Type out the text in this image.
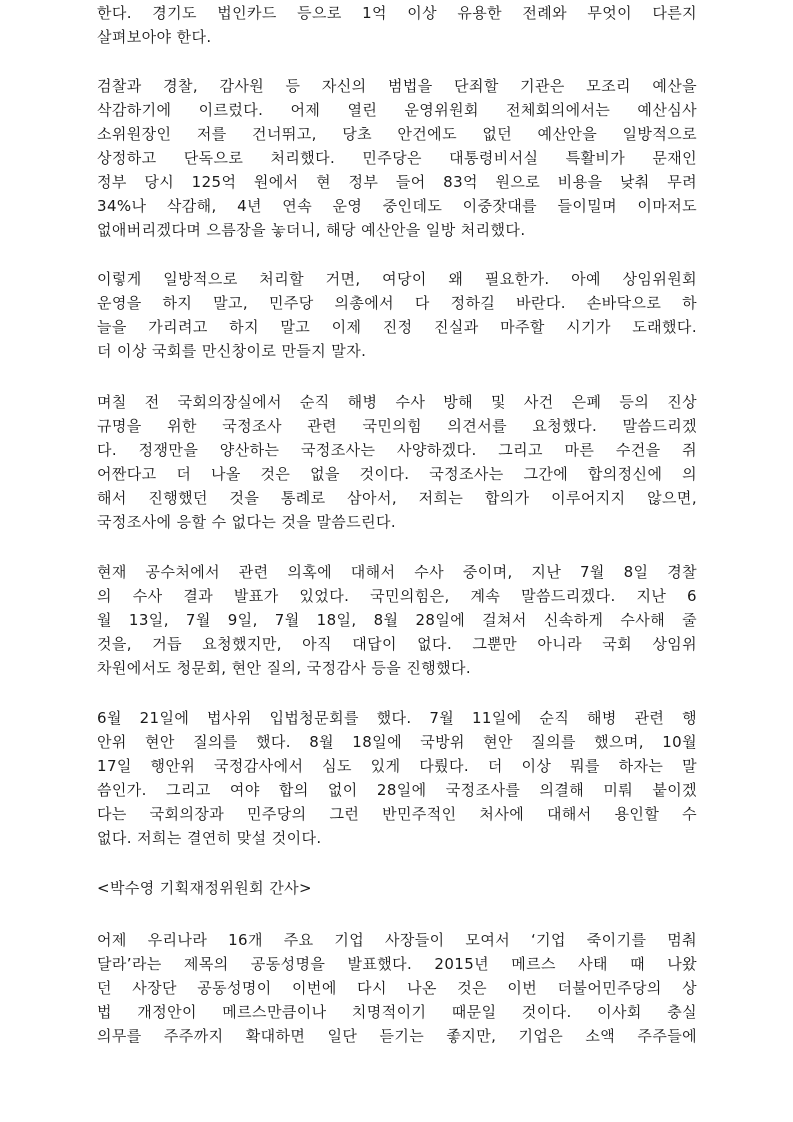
한다. 경기도 법인카드 등으로 1억 이상 유용한 전례와 무엇이 다른지
살펴보아야 한다.
검찰과 경찰, 감사원 등 자신의 범법을 단죄할 기관은 모조리 예산을
삭감하기에 이르렀다. 어제 열린 운영위원회 전체회의에서는 예산심사
소위원장인 저를 건너뛰고, 당초 안건에도 없던 예산안을 일방적으로
상정하고 단독으로 처리했다. 민주당은 대통령비서실 특활비가 문재인
정부 당시 125억 원에서 현 정부 들어 83억 원으로 비용을 낮춰 무려
34%나 삭감해, 4년 연속 운영 중인데도 이중잣대를 들이밀며 이마저도
없애버리겠다며 으름장을 놓더니, 해당 예산안을 일방 처리했다.
이렇게 일방적으로 처리할 거면, 여당이 왜 필요한가. 아예 상임위원회
운영을 하지 말고, 민주당 의총에서 다 정하길 바란다. 손바닥으로 하
늘을 가리려고 하지 말고 이제 진정 진실과 마주할 시기가 도래했다.
더 이상 국회를 만신창이로 만들지 말자.
며칠 전 국회의장실에서 순직 해병 수사 방해 및 사건 은폐 등의 진상
규명을 위한 국정조사 관련 국민의힘 의견서를 요청했다. 말씀드리겠
다. 정쟁만을 양산하는 국정조사는 사양하겠다. 그리고 마른 수건을 쥐
어짠다고 더 나올 것은 없을 것이다. 국정조사는 그간에 합의정신에 의
해서 진행했던 것을 통례로 삼아서, 저희는 합의가 이루어지지 않으면,
국정조사에 응할 수 없다는 것을 말씀드린다.
현재 공수처에서 관련 의혹에 대해서 수사 중이며, 지난 7월 8일 경찰
의 수사 결과 발표가 있었다. 국민의힘은, 계속 말씀드리겠다. 지난 6
월 13일, 7월 9일, 7월 18일, 8월 28일에 걸쳐서 신속하게 수사해 줄
것을, 거듭 요청했지만, 아직 대답이 없다. 그뿐만 아니라 국회 상임위
차원에서도 청문회, 현안 질의, 국정감사 등을 진행했다.
6월 21일에 법사위 입법청문회를 했다. 7월 11일에 순직 해병 관련 행
안위 현안 질의를 했다. 8월 18일에 국방위 현안 질의를 했으며, 10월
17일 행안위 국정감사에서 심도 있게 다뤘다. 더 이상 뭐를 하자는 말
씀인가. 그리고 여야 합의 없이 28일에 국정조사를 의결해 미뤄 붙이겠
다는 국회의장과 민주당의 그런 반민주적인 처사에 대해서 용인할 수
없다. 저희는 결연히 맞설 것이다.
<박수영 기획재정위원회 간사>
어제 우리나라 16개 주요 기업 사장들이 모여서 ‘기업 죽이기를 멈춰
달라’라는 제목의 공동성명을 발표했다. 2015년 메르스 사태 때 나왔
던 사장단 공동성명이 이번에 다시 나온 것은 이번 더불어민주당의 상
법 개정안이 메르스만큼이나 치명적이기 때문일 것이다. 이사회 충실
의무를 주주까지 확대하면 일단 듣기는 좋지만, 기업은 소액 주주들에
